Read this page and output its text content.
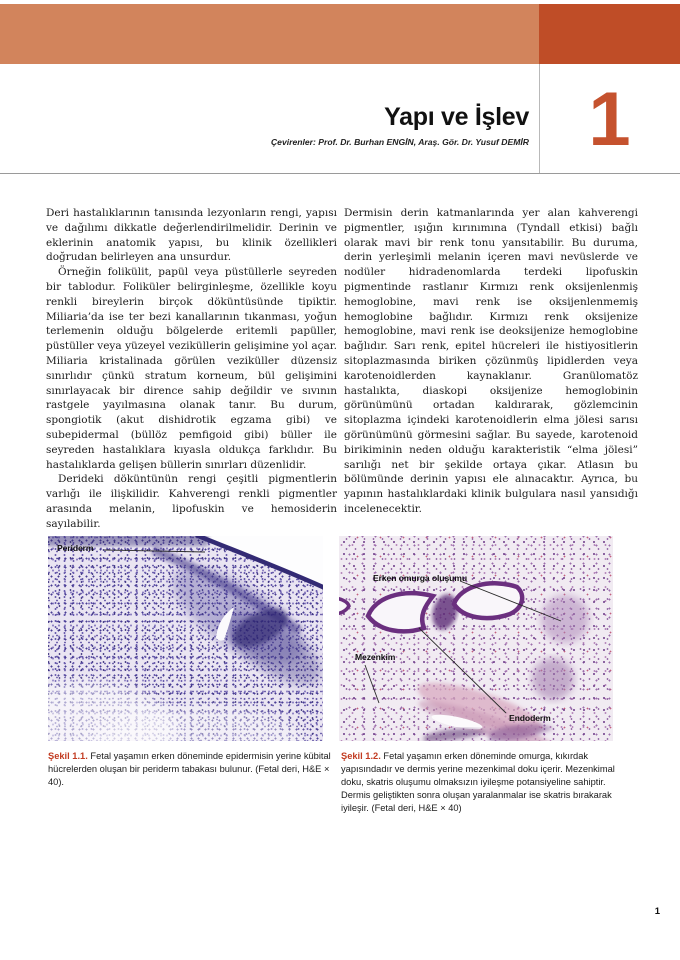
Yapı ve İşlev
Çevirenler: Prof. Dr. Burhan ENGİN, Araş. Gör. Dr. Yusuf DEMİR 1

Deri hastalıklarının tanısında lezyonların rengi, yapısı ve dağılımı dikkatle değerlendirilmelidir. Derinin ve eklerinin anatomik yapısı, bu klinik özellikleri doğrudan belirleyen ana unsurdur.

Örneğin folikülit, papül veya püstüllerle seyreden bir tablodur. Foliküler belirginleşme, özellikle koyu renkli bireylerin birçok döküntüsünde tipiktir. Miliaria’da ise ter bezi kanallarının tıkanması, yoğun terlemenin olduğu bölgelerde eritemli papüller, püstüller veya yüzeyel veziküllerin gelişimine yol açar. Miliaria kristalinada görülen veziküller düzensiz sınırlıdır çünkü stratum korneum, bül gelişimini sınırlayacak bir dirence sahip değildir ve sıvının rastgele yayılmasına olanak tanır. Bu durum, spongiotik (akut dishidrotik egzama gibi) ve subepidermal (büllöz pemfigoid gibi) büller ile seyreden hastalıklara kıyasla oldukça farklıdır. Bu hastalıklarda gelişen büllerin sınırları düzenlidir.

Derideki döküntünün rengi çeşitli pigmentlerin varlığı ile ilişkilidir. Kahverengi renkli pigmentler arasında melanin, lipofuskin ve hemosiderin sayılabilir.

Dermisin derin katmanlarında yer alan kahverengi pigmentler, ışığın kırınımına (Tyndall etkisi) bağlı olarak mavi bir renk tonu yansıtabilir. Bu duruma, derin yerleşimli melanin içeren mavi nevüslerde ve nodüler hidradenomlarda terdeki lipofuskin pigmentinde rastlanır Kırmızı renk oksijenlenmiş hemoglobine, mavi renk ise oksijenlenmemiş hemoglobine bağlıdır. Kırmızı renk oksijenize hemoglobine, mavi renk ise deoksijenize hemoglobine bağlıdır. Sarı renk, epitel hücreleri ile histiyositlerin sitoplazmasında biriken çözünmüş lipidlerden veya karotenoidlerden kaynaklanır. Granülomatöz hastalıkta, diaskopi oksijenize hemoglobinin görünümünü ortadan kaldırarak, gözlemcinin sitoplazma içindeki karotenoidlerin elma jölesi sarısı görünümünü görmesini sağlar. Bu sayede, karotenoid birikiminin neden olduğu karakteristik “elma jölesi” sarılığı net bir şekilde ortaya çıkar. Atlasın bu bölümünde derinin yapısı ele alınacaktır. Ayrıca, bu yapının hastalıklardaki klinik bulgulara nasıl yansıdığı incelenecektir.

Periderm
Erken omurga oluşumu
Mezenkim
Endoderm
Şekil 1.1. Fetal yaşamın erken döneminde epidermisin yerine kübital hücrelerden oluşan bir periderm tabakası bulunur. (Fetal deri, H&E × 40).
Şekil 1.2. Fetal yaşamın erken döneminde omurga, kıkırdak yapısındadır ve dermis yerine mezenkimal doku içerir. Mezenkimal doku, skatris oluşumu olmaksızın iyileşme potansiyeline sahiptir. Dermis geliştikten sonra oluşan yaralanmalar ise skatris bırakarak iyileşir. (Fetal deri, H&E × 40)
1
